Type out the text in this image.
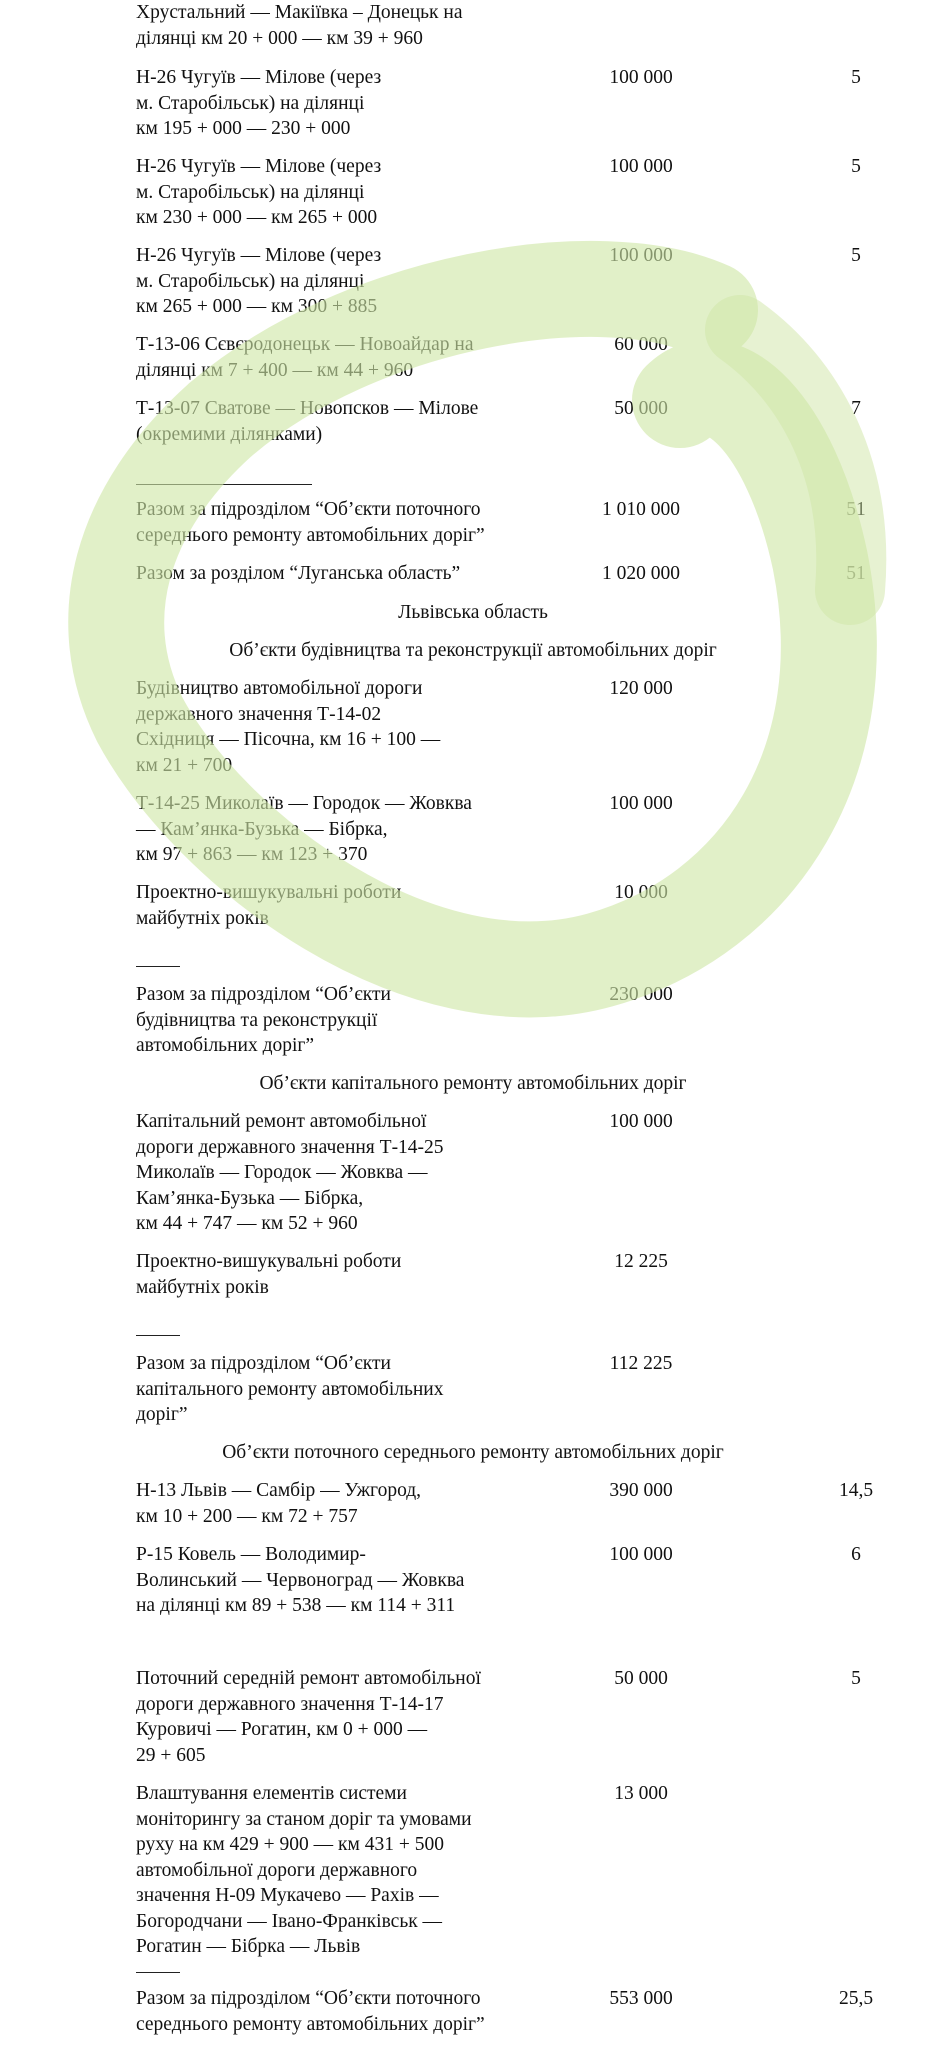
Хрустальний — Макіївка – Донецьк на
ділянці км 20 + 000 — км 39 + 960
Н-26 Чугуїв — Мілове (через
м. Старобільськ) на ділянці
км 195 + 000 — 230 + 000
100 000	5
Н-26 Чугуїв — Мілове (через
м. Старобільськ) на ділянці
км 230 + 000 — км 265 + 000
100 000	5
Н-26 Чугуїв — Мілове (через
м. Старобільськ) на ділянці
км 265 + 000 — км 300 + 885
100 000	5
Т-13-06 Сєвєродонецьк — Новоайдар на
ділянці км 7 + 400 — км 44 + 960
60 000
Т-13-07 Сватове — Новопсков — Мілове
(окремими ділянками)
50 000	7
Разом за підрозділом “Об’єкти поточного
середнього ремонту автомобільних доріг”
1 010 000	51
Разом за розділом “Луганська область”	1 020 000	51
Львівська область
Об’єкти будівництва та реконструкції автомобільних доріг
Будівництво автомобільної дороги
державного значення Т-14-02
Східниця — Пісочна, км 16 + 100 —
км 21 + 700
120 000
Т-14-25 Миколаїв — Городок — Жовква
— Кам’янка-Бузька — Бібрка,
км 97 + 863 — км 123 + 370
100 000
Проектно-вишукувальні роботи
майбутніх років
10 000
Разом за підрозділом “Об’єкти
будівництва та реконструкції
автомобільних доріг”
230 000
Об’єкти капітального ремонту автомобільних доріг
Капітальний ремонт автомобільної
дороги державного значення Т-14-25
Миколаїв — Городок — Жовква —
Кам’янка-Бузька — Бібрка,
км 44 + 747 — км 52 + 960
100 000
Проектно-вишукувальні роботи
майбутніх років
12 225
Разом за підрозділом “Об’єкти
капітального ремонту автомобільних
доріг”
112 225
Об’єкти поточного середнього ремонту автомобільних доріг
Н-13 Львів — Самбір — Ужгород,
км 10 + 200 — км 72 + 757
390 000	14,5
Р-15 Ковель — Володимир-
Волинський — Червоноград — Жовква
на ділянці км 89 + 538 — км 114 + 311
100 000	6
Поточний середній ремонт автомобільної
дороги державного значення Т-14-17
Куровичі — Рогатин, км 0 + 000 —
29 + 605
50 000	5
Влаштування елементів системи
моніторингу за станом доріг та умовами
руху на км 429 + 900 — км 431 + 500
автомобільної дороги державного
значення Н-09 Мукачево — Рахів —
Богородчани — Івано-Франківськ —
Рогатин — Бібрка — Львів
13 000
Разом за підрозділом “Об’єкти поточного
середнього ремонту автомобільних доріг”
553 000	25,5
